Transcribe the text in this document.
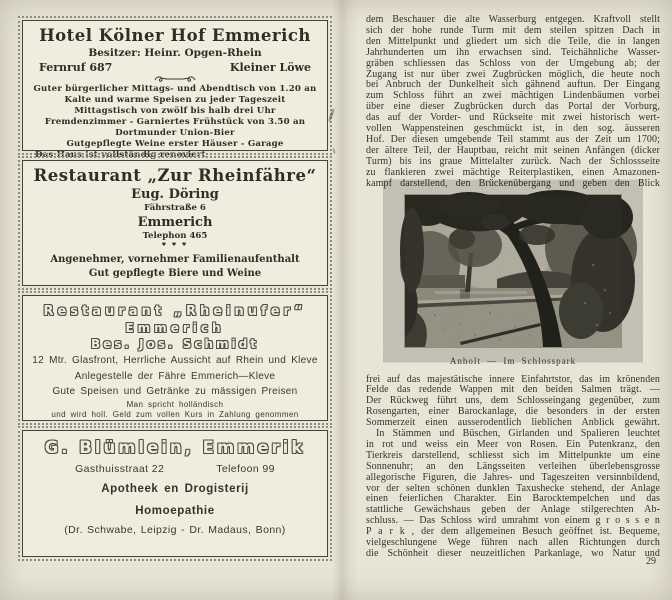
Hotel Kölner Hof Emmerich
Besitzer: Heinr. Opgen-Rhein
Fernruf 687	Kleiner Löwe
Guter bürgerlicher Mittags- und Abendtisch von 1.20 an
Kalte und warme Speisen zu jeder Tageszeit
Mittagstisch von zwölf bis halb drei Uhr
Fremdenzimmer - Garniertes Frühstück von 3.50 an
Dortmunder Union-Bier
Gutgepflegte Weine erster Häuser - Garage
Das Haus ist vollständig renoviert
Restaurant „Zur Rheinfähre“
Eug. Döring
Fährstraße 6
Emmerich
Telephon 465
♥ ♥ ♥
Angenehmer, vornehmer Familienaufenthalt
Gut gepflegte Biere und Weine
Restaurant „Rheinufer“
Emmerich
Bes. Jos. Schmidt
12 Mtr. Glasfront, Herrliche Aussicht auf Rhein und Kleve
Anlegestelle der Fähre Emmerich—Kleve
Gute Speisen und Getränke zu mässigen Preisen
Man spricht holländisch
und wird holl. Geld zum vollen Kurs in Zahlung genommen
G. Blümlein, Emmerik
Gasthuisstraat 22	Telefoon 99
Apotheek en Drogisterij
Homoepathie
(Dr. Schwabe, Leipzig - Dr. Madaus, Bonn)
dem Beschauer die alte Wasserburg entgegen. Kraftvoll stellt
sich der hohe runde Turm mit dem steilen spitzen Dach in
den Mittelpunkt und gliedert um sich die Teile, die in langen
Jahrhunderten um ihn erwachsen sind. Teichähnliche Wasser-
gräben schliessen das Schloss von der Umgebung ab; der
Zugang ist nur über zwei Zugbrücken möglich, die heute noch
bei Anbruch der Dunkelheit sich gähnend auftun. Der Eingang
zum Schloss führt an zwei mächtigen Lindenbäumen vorbei
über eine dieser Zugbrücken durch das Portal der Vorburg,
das auf der Vorder- und Rückseite mit zwei historisch wert-
vollen Wappensteinen geschmückt ist, in den sog. äusseren
Hof. Der diesen umgebende Teil stammt aus der Zeit um 1700;
der ältere Teil, der Hauptbau, reicht mit seinen Anfängen (dicker
Turm) bis ins graue Mittelalter zurück. Nach der Schlossseite
zu flankieren zwei mächtige Reiterplastiken, einen Amazonen-
kampf darstellend, den Brückenübergang und geben den Blick
Anholt — Im Schlosspark
frei auf das majestätische innere Einfahrtstor, das im krönenden
Felde das redende Wappen mit den beiden Salmen trägt. —
Der Rückweg führt uns, dem Schlosseingang gegenüber, zum
Rosengarten, einer Barockanlage, die besonders in der ersten
Sommerzeit einen ausserodentlich lieblichen Anblick gewährt.
In Stämmen und Büschen, Girlanden und Spalieren leuchtet
in rot und weiss ein Meer von Rosen. Ein Putenkranz, den
Tierkreis darstellend, schliesst sich im Mittelpunkte um eine
Sonnenuhr; an den Längsseiten verleihen überlebensgrosse
allegorische Figuren, die Jahres- und Tageszeiten versinnbildend,
vor der selten schönen dunklen Taxushecke stehend, der Anlage
einen feierlichen Charakter. Ein Barocktempelchen und das
stattliche Gewächshaus geben der Anlage stilgerechten Ab-
schluss. — Das Schloss wird umrahmt von einem g r o s s e n
P a r k , der dem allgemeinen Besuch geöffnet ist. Bequeme,
vielgeschlungene Wege führen nach allen Richtungen durch
die Schönheit dieser neuzeitlichen Parkanlage, wo Natur und
29
